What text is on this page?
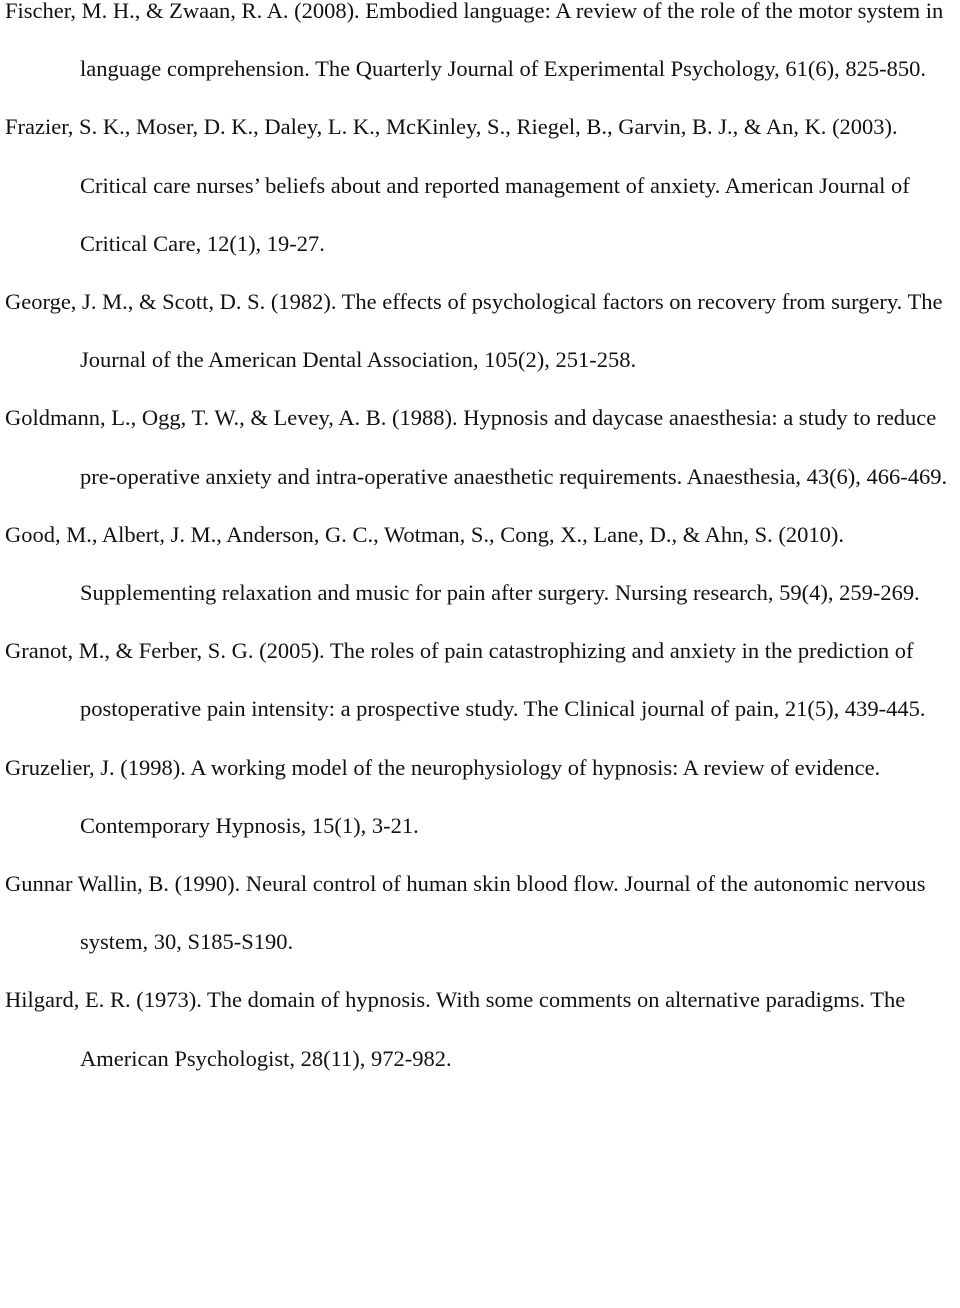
Fischer, M. H., & Zwaan, R. A. (2008). Embodied language: A review of the role of the motor system in language comprehension. The Quarterly Journal of Experimental Psychology, 61(6), 825-850.

Frazier, S. K., Moser, D. K., Daley, L. K., McKinley, S., Riegel, B., Garvin, B. J., & An, K. (2003). Critical care nurses’ beliefs about and reported management of anxiety. American Journal of Critical Care, 12(1), 19-27.

George, J. M., & Scott, D. S. (1982). The effects of psychological factors on recovery from surgery. The Journal of the American Dental Association, 105(2), 251-258.

Goldmann, L., Ogg, T. W., & Levey, A. B. (1988). Hypnosis and daycase anaesthesia: a study to reduce pre-operative anxiety and intra-operative anaesthetic requirements. Anaesthesia, 43(6), 466-469.

Good, M., Albert, J. M., Anderson, G. C., Wotman, S., Cong, X., Lane, D., & Ahn, S. (2010). Supplementing relaxation and music for pain after surgery. Nursing research, 59(4), 259-269.

Granot, M., & Ferber, S. G. (2005). The roles of pain catastrophizing and anxiety in the prediction of postoperative pain intensity: a prospective study. The Clinical journal of pain, 21(5), 439-445.

Gruzelier, J. (1998). A working model of the neurophysiology of hypnosis: A review of evidence. Contemporary Hypnosis, 15(1), 3-21.

Gunnar Wallin, B. (1990). Neural control of human skin blood flow. Journal of the autonomic nervous system, 30, S185-S190.

Hilgard, E. R. (1973). The domain of hypnosis. With some comments on alternative paradigms. The American Psychologist, 28(11), 972-982.
